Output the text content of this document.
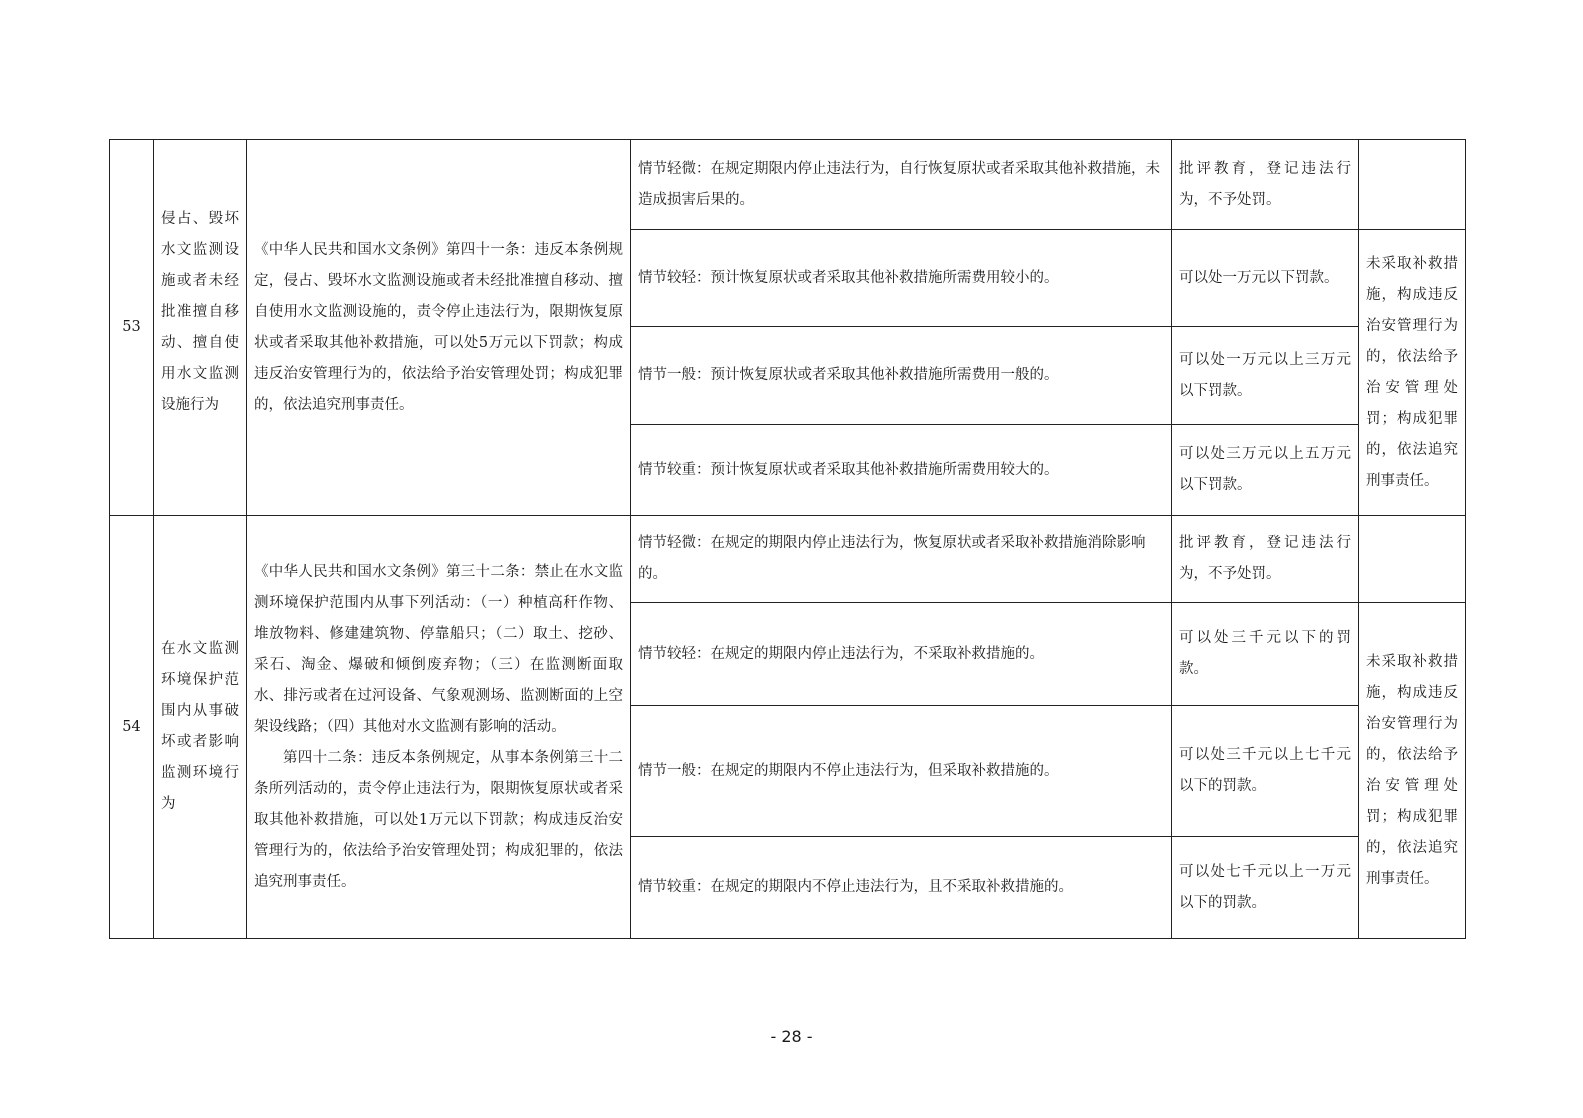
53	侵占、毁坏水文监测设施或者未经批准擅自移动、擅自使用水文监测设施行为	《中华人民共和国水文条例》第四十一条：违反本条例规定，侵占、毁坏水文监测设施或者未经批准擅自移动、擅自使用水文监测设施的，责令停止违法行为，限期恢复原状或者采取其他补救措施，可以处5万元以下罚款；构成违反治安管理行为的，依法给予治安管理处罚；构成犯罪的，依法追究刑事责任。	情节轻微：在规定期限内停止违法行为，自行恢复原状或者采取其他补救措施，未造成损害后果的。	批评教育，登记违法行为，不予处罚。	
			情节较轻：预计恢复原状或者采取其他补救措施所需费用较小的。	可以处一万元以下罚款。	未采取补救措施，构成违反治安管理行为的，依法给予治安管理处罚；构成犯罪的，依法追究刑事责任。
			情节一般：预计恢复原状或者采取其他补救措施所需费用一般的。	可以处一万元以上三万元以下罚款。	
			情节较重：预计恢复原状或者采取其他补救措施所需费用较大的。	可以处三万元以上五万元以下罚款。	
54	在水文监测环境保护范围内从事破坏或者影响监测环境行为	《中华人民共和国水文条例》第三十二条：禁止在水文监测环境保护范围内从事下列活动：（一）种植高秆作物、堆放物料、修建建筑物、停靠船只；（二）取土、挖砂、采石、淘金、爆破和倾倒废弃物；（三）在监测断面取水、排污或者在过河设备、气象观测场、监测断面的上空架设线路；（四）其他对水文监测有影响的活动。
第四十二条：违反本条例规定，从事本条例第三十二条所列活动的，责令停止违法行为，限期恢复原状或者采取其他补救措施，可以处1万元以下罚款；构成违反治安管理行为的，依法给予治安管理处罚；构成犯罪的，依法追究刑事责任。	情节轻微：在规定的期限内停止违法行为，恢复原状或者采取补救措施消除影响的。	批评教育，登记违法行为，不予处罚。	
			情节较轻：在规定的期限内停止违法行为，不采取补救措施的。	可以处三千元以下的罚款。	未采取补救措施，构成违反治安管理行为的，依法给予治安管理处罚；构成犯罪的，依法追究刑事责任。
			情节一般：在规定的期限内不停止违法行为，但采取补救措施的。	可以处三千元以上七千元以下的罚款。	
			情节较重：在规定的期限内不停止违法行为，且不采取补救措施的。	可以处七千元以上一万元以下的罚款。	
- 28 -
